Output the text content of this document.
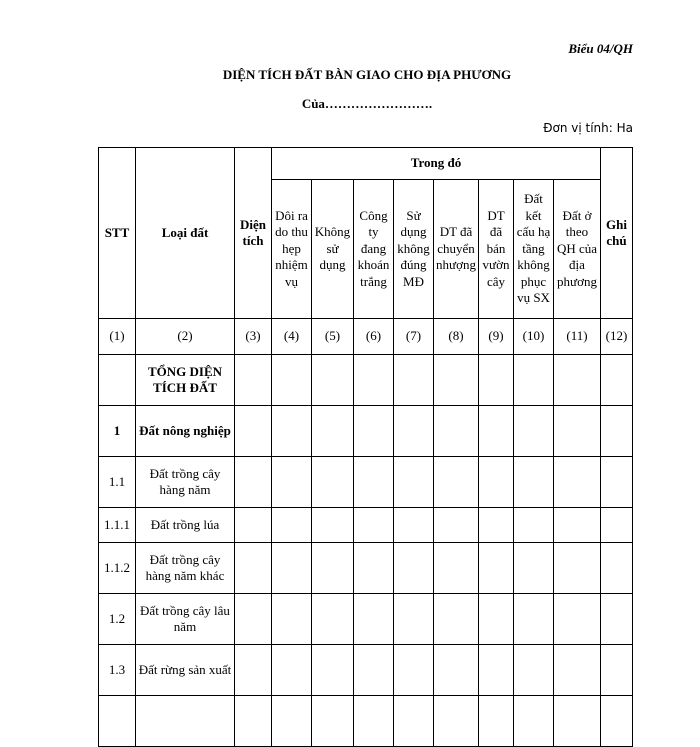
Biểu 04/QH
DIỆN TÍCH ĐẤT BÀN GIAO CHO ĐỊA PHƯƠNG
Của…………………….
Đơn vị tính: Ha
STT	Loại đất	Diện tích	Trong đó								Ghi chú
			Dôi ra do thu hẹp nhiệm vụ	Không sử dụng	Công ty đang khoán trắng	Sử dụng không đúng MĐ	DT đã chuyển nhượng	DT đã bán vườn cây	Đất kết cấu hạ tầng không phục vụ SX	Đất ở theo QH của địa phương	
(1)	(2)	(3)	(4)	(5)	(6)	(7)	(8)	(9)	(10)	(11)	(12)
	TỔNG DIỆN TÍCH ĐẤT										
1	Đất nông nghiệp										
1.1	Đất trồng cây hàng năm										
1.1.1	Đất trồng lúa										
1.1.2	Đất trồng cây hàng năm khác										
1.2	Đất trồng cây lâu năm										
1.3	Đất rừng sản xuất										
